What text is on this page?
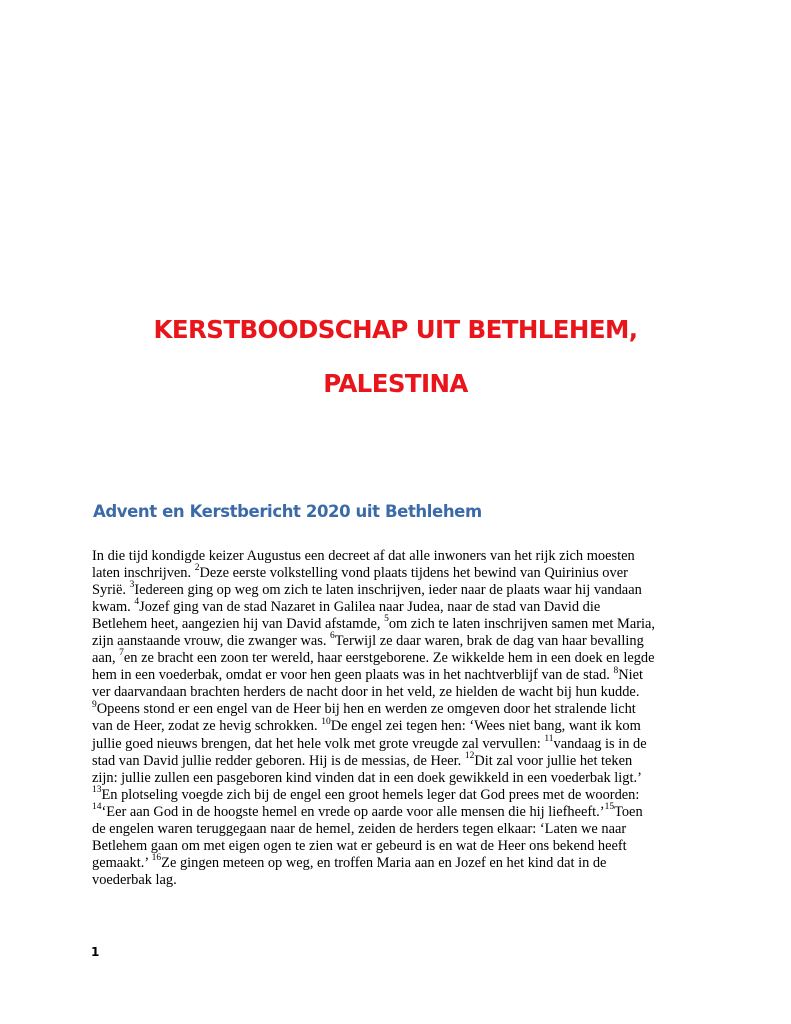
KERSTBOODSCHAP UIT BETHLEHEM,
PALESTINA
Advent en Kerstbericht 2020 uit Bethlehem
In die tijd kondigde keizer Augustus een decreet af dat alle inwoners van het rijk zich moesten
laten inschrijven. $^2$Deze eerste volkstelling vond plaats tijdens het bewind van Quirinius over
Syrië. $^3$Iedereen ging op weg om zich te laten inschrijven, ieder naar de plaats waar hij vandaan
kwam. $^4$Jozef ging van de stad Nazaret in Galilea naar Judea, naar de stad van David die
Betlehem heet, aangezien hij van David afstamde, $^5$om zich te laten inschrijven samen met Maria,
zijn aanstaande vrouw, die zwanger was. $^6$Terwijl ze daar waren, brak de dag van haar bevalling
aan, $^7$en ze bracht een zoon ter wereld, haar eerstgeborene. Ze wikkelde hem in een doek en legde
hem in een voederbak, omdat er voor hen geen plaats was in het nachtverblijf van de stad. $^8$Niet
ver daarvandaan brachten herders de nacht door in het veld, ze hielden de wacht bij hun kudde.
$^9$Opeens stond er een engel van de Heer bij hen en werden ze omgeven door het stralende licht
van de Heer, zodat ze hevig schrokken. $^{10}$De engel zei tegen hen: ‘Wees niet bang, want ik kom
jullie goed nieuws brengen, dat het hele volk met grote vreugde zal vervullen: $^{11}$vandaag is in de
stad van David jullie redder geboren. Hij is de messias, de Heer. $^{12}$Dit zal voor jullie het teken
zijn: jullie zullen een pasgeboren kind vinden dat in een doek gewikkeld in een voederbak ligt.’
$^{13}$En plotseling voegde zich bij de engel een groot hemels leger dat God prees met de woorden:
$^{14}$‘Eer aan God in de hoogste hemel en vrede op aarde voor alle mensen die hij liefheeft.’$^{15}$Toen
de engelen waren teruggegaan naar de hemel, zeiden de herders tegen elkaar: ‘Laten we naar
Betlehem gaan om met eigen ogen te zien wat er gebeurd is en wat de Heer ons bekend heeft
gemaakt.’ $^{16}$Ze gingen meteen op weg, en troffen Maria aan en Jozef en het kind dat in de
voederbak lag.
1
